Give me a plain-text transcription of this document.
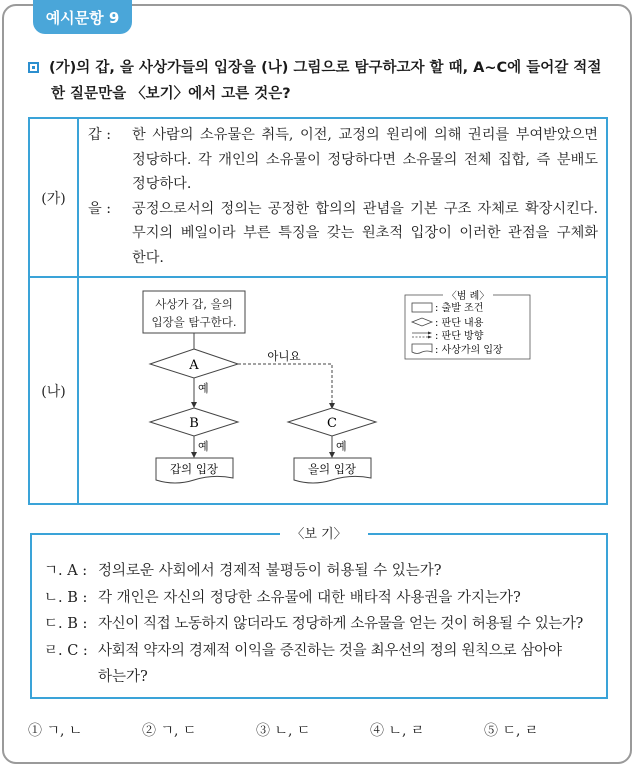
예시문항 9
(가)의 갑, 을 사상가들의 입장을 (나) 그림으로 탐구하고자 할 때, A~C에 들어갈 적절
한 질문만을 〈보기〉에서 고른 것은?
(가)
갑 : 한 사람의 소유물은 취득, 이전, 교정의 원리에 의해 권리를 부여받았으면
정당하다. 각 개인의 소유물이 정당하다면 소유물의 전체 집합, 즉 분배도
정당하다.
을 : 공정으로서의 정의는 공정한 합의의 관념을 기본 구조 자체로 확장시킨다.
무지의 베일이라 부른 특징을 갖는 원초적 입장이 이러한 관점을 구체화
한다.
(나)
사상가 갑, 을의
입장을 탐구한다.
A
아니요
예
B	C
예	예
갑의 입장	을의 입장
〈범 례〉
: 출발 조건
: 판단 내용
: 판단 방향
: 사상가의 입장
〈보 기〉
ㄱ. A : 정의로운 사회에서 경제적 불평등이 허용될 수 있는가?
ㄴ. B : 각 개인은 자신의 정당한 소유물에 대한 배타적 사용권을 가지는가?
ㄷ. B : 자신이 직접 노동하지 않더라도 정당하게 소유물을 얻는 것이 허용될 수 있는가?
ㄹ. C : 사회적 약자의 경제적 이익을 증진하는 것을 최우선의 정의 원칙으로 삼아야
하는가?
① ㄱ, ㄴ	② ㄱ, ㄷ	③ ㄴ, ㄷ	④ ㄴ, ㄹ	⑤ ㄷ, ㄹ
